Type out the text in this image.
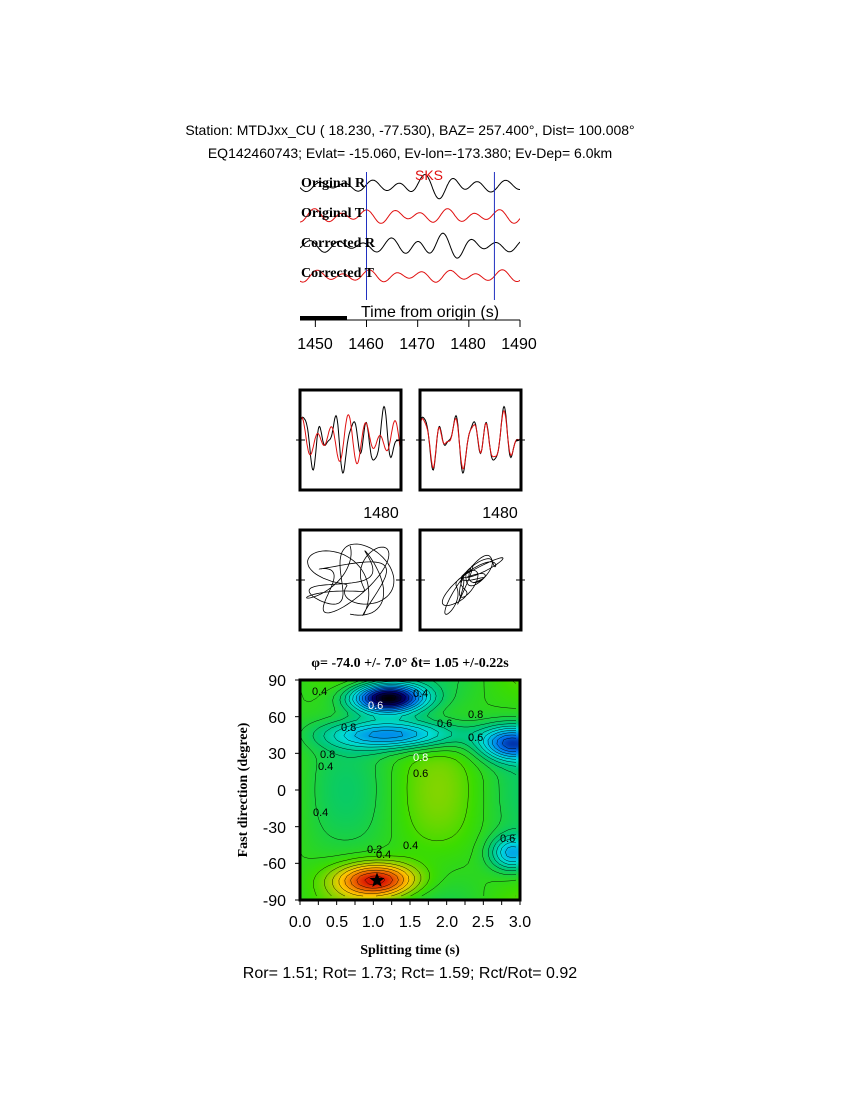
Station: MTDJxx_CU ( 18.230, -77.530), BAZ= 257.400°, Dist= 100.008°
EQ142460743; Evlat= -15.060, Ev-lon=-173.380; Ev-Dep= 6.0km
Original R
Original T
Corrected R
Corrected T
SKS
Time from origin (s)
1450 1460 1470 1480 1490
1480	1480
φ= -74.0 +/- 7.0° δt= 1.05 +/-0.22s
0.4	0.4
0.6
0.4
0.6
0.8
0.8
0.8
0.6
0.8
0.6
0.4
0.4
0.2
0.4
0.6
90
60
30
0
-30
-60
-90
0.0 0.5 1.0 1.5 2.0 2.5 3.0
Splitting time (s)
Fast direction (degree)
Ror= 1.51; Rot= 1.73; Rct= 1.59; Rct/Rot= 0.92
